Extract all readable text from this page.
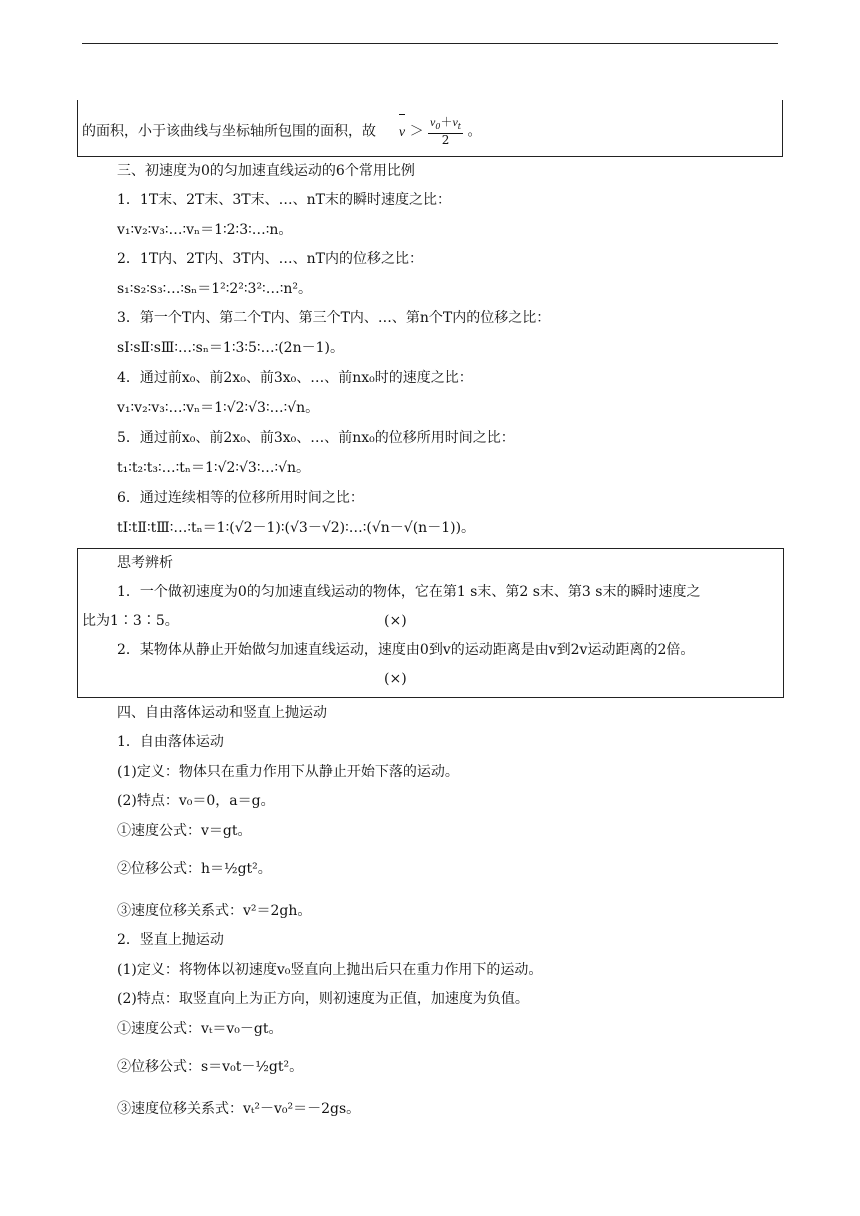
的面积，小于该曲线与坐标轴所包围的面积，故 $v > \frac{v_0+v_t}{2}$ 。
三、初速度为0的匀加速直线运动的6个常用比例
1．1T末、2T末、3T末、…、nT末的瞬时速度之比：
v₁∶v₂∶v₃∶…∶vₙ＝1∶2∶3∶…∶n。
2．1T内、2T内、3T内、…、nT内的位移之比：
s₁∶s₂∶s₃∶…∶sₙ＝1²∶2²∶3²∶…∶n²。
3．第一个T内、第二个T内、第三个T内、…、第n个T内的位移之比：
sⅠ∶sⅡ∶sⅢ∶…∶sₙ＝1∶3∶5∶…∶(2n－1)。
4．通过前x₀、前2x₀、前3x₀、…、前nx₀时的速度之比：
v₁∶v₂∶v₃∶…∶vₙ＝1∶√2∶√3∶…∶√n。
5．通过前x₀、前2x₀、前3x₀、…、前nx₀的位移所用时间之比：
t₁∶t₂∶t₃∶…∶tₙ＝1∶√2∶√3∶…∶√n。
6．通过连续相等的位移所用时间之比：
tⅠ∶tⅡ∶tⅢ∶…∶tₙ＝1∶(√2－1)∶(√3－√2)∶…∶(√n－√(n－1))。
思考辨析
1．一个做初速度为0的匀加速直线运动的物体，它在第1 s末、第2 s末、第3 s末的瞬时速度之
比为1∶3∶5。	(×)
2．某物体从静止开始做匀加速直线运动，速度由0到v的运动距离是由v到2v运动距离的2倍。
(×)
四、自由落体运动和竖直上抛运动
1．自由落体运动
(1)定义：物体只在重力作用下从静止开始下落的运动。
(2)特点：v₀＝0，a＝g。
①速度公式：v＝gt。
②位移公式：h＝½gt²。
③速度位移关系式：v²＝2gh。
2．竖直上抛运动
(1)定义：将物体以初速度v₀竖直向上抛出后只在重力作用下的运动。
(2)特点：取竖直向上为正方向，则初速度为正值，加速度为负值。
①速度公式：vₜ＝v₀－gt。
②位移公式：s＝v₀t－½gt²。
③速度位移关系式：vₜ²－v₀²＝－2gs。
